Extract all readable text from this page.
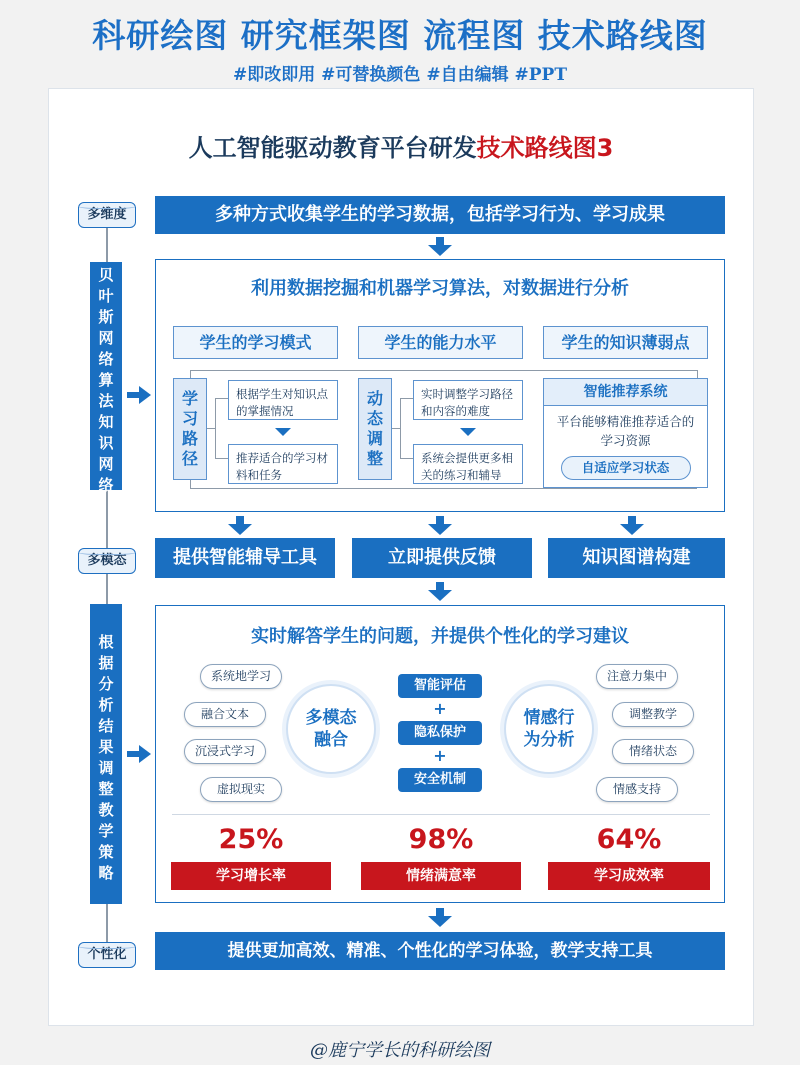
科研绘图 研究框架图 流程图 技术路线图
#即改即用 #可替换颜色 #自由编辑 #PPT
人工智能驱动教育平台研发技术路线图3
多维度
贝叶斯网络算法知识网络
多模态
根据分析结果调整教学策略
个性化
多种方式收集学生的学习数据，包括学习行为、学习成果
利用数据挖掘和机器学习算法，对数据进行分析
学生的学习模式	学生的能力水平	学生的知识薄弱点
学习路径
根据学生对知识点的掌握情况
推荐适合的学习材料和任务
动态调整
实时调整学习路径和内容的难度
系统会提供更多相关的练习和辅导
智能推荐系统
平台能够精准推荐适合的学习资源
自适应学习状态
提供智能辅导工具	立即提供反馈	知识图谱构建
实时解答学生的问题，并提供个性化的学习建议
系统地学习
融合文本
沉浸式学习
虚拟现实
多模态融合
智能评估
+
隐私保护
+
安全机制
情感行为分析
注意力集中
调整教学
情绪状态
情感支持
25%
学习增长率
98%
情绪满意率
64%
学习成效率
提供更加高效、精准、个性化的学习体验，教学支持工具
@鹿宁学长的科研绘图
